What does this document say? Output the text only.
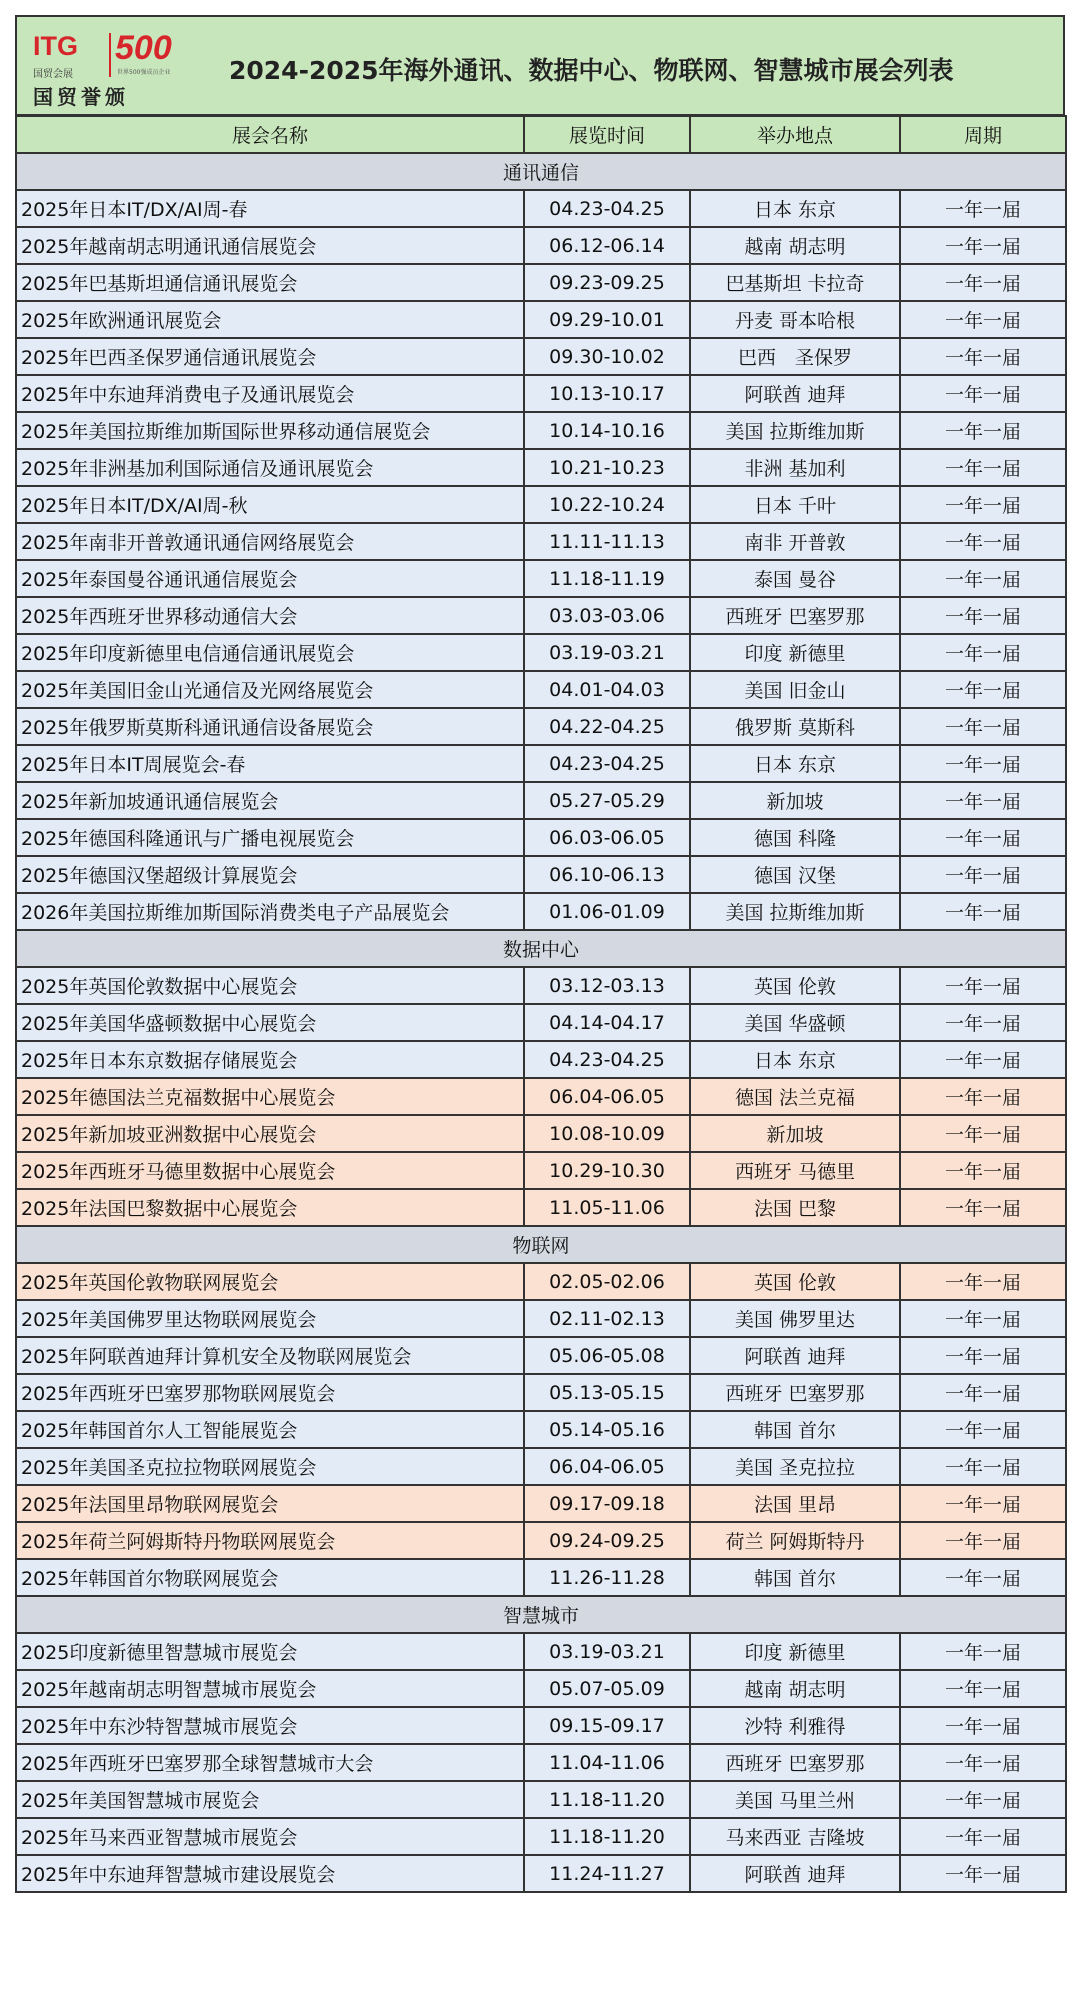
ITG
国贸会展
500
世界500强成员企业
国贸誉颁
2024-2025年海外通讯、数据中心、物联网、智慧城市展会列表
展会名称	展览时间	举办地点	周期
通讯通信			
2025年日本IT/DX/AI周-春	04.23-04.25	日本 东京	一年一届
2025年越南胡志明通讯通信展览会	06.12-06.14	越南 胡志明	一年一届
2025年巴基斯坦通信通讯展览会	09.23-09.25	巴基斯坦 卡拉奇	一年一届
2025年欧洲通讯展览会	09.29-10.01	丹麦 哥本哈根	一年一届
2025年巴西圣保罗通信通讯展览会	09.30-10.02	巴西　圣保罗	一年一届
2025年中东迪拜消费电子及通讯展览会	10.13-10.17	阿联酋 迪拜	一年一届
2025年美国拉斯维加斯国际世界移动通信展览会	10.14-10.16	美国 拉斯维加斯	一年一届
2025年非洲基加利国际通信及通讯展览会	10.21-10.23	非洲 基加利	一年一届
2025年日本IT/DX/AI周-秋	10.22-10.24	日本 千叶	一年一届
2025年南非开普敦通讯通信网络展览会	11.11-11.13	南非 开普敦	一年一届
2025年泰国曼谷通讯通信展览会	11.18-11.19	泰国 曼谷	一年一届
2025年西班牙世界移动通信大会	03.03-03.06	西班牙 巴塞罗那	一年一届
2025年印度新德里电信通信通讯展览会	03.19-03.21	印度 新德里	一年一届
2025年美国旧金山光通信及光网络展览会	04.01-04.03	美国 旧金山	一年一届
2025年俄罗斯莫斯科通讯通信设备展览会	04.22-04.25	俄罗斯 莫斯科	一年一届
2025年日本IT周展览会-春	04.23-04.25	日本 东京	一年一届
2025年新加坡通讯通信展览会	05.27-05.29	新加坡	一年一届
2025年德国科隆通讯与广播电视展览会	06.03-06.05	德国 科隆	一年一届
2025年德国汉堡超级计算展览会	06.10-06.13	德国 汉堡	一年一届
2026年美国拉斯维加斯国际消费类电子产品展览会	01.06-01.09	美国 拉斯维加斯	一年一届
数据中心			
2025年英国伦敦数据中心展览会	03.12-03.13	英国 伦敦	一年一届
2025年美国华盛顿数据中心展览会	04.14-04.17	美国 华盛顿	一年一届
2025年日本东京数据存储展览会	04.23-04.25	日本 东京	一年一届
2025年德国法兰克福数据中心展览会	06.04-06.05	德国 法兰克福	一年一届
2025年新加坡亚洲数据中心展览会	10.08-10.09	新加坡	一年一届
2025年西班牙马德里数据中心展览会	10.29-10.30	西班牙 马德里	一年一届
2025年法国巴黎数据中心展览会	11.05-11.06	法国 巴黎	一年一届
物联网			
2025年英国伦敦物联网展览会	02.05-02.06	英国 伦敦	一年一届
2025年美国佛罗里达物联网展览会	02.11-02.13	美国 佛罗里达	一年一届
2025年阿联酋迪拜计算机安全及物联网展览会	05.06-05.08	阿联酋 迪拜	一年一届
2025年西班牙巴塞罗那物联网展览会	05.13-05.15	西班牙 巴塞罗那	一年一届
2025年韩国首尔人工智能展览会	05.14-05.16	韩国 首尔	一年一届
2025年美国圣克拉拉物联网展览会	06.04-06.05	美国 圣克拉拉	一年一届
2025年法国里昂物联网展览会	09.17-09.18	法国 里昂	一年一届
2025年荷兰阿姆斯特丹物联网展览会	09.24-09.25	荷兰 阿姆斯特丹	一年一届
2025年韩国首尔物联网展览会	11.26-11.28	韩国 首尔	一年一届
智慧城市			
2025印度新德里智慧城市展览会	03.19-03.21	印度 新德里	一年一届
2025年越南胡志明智慧城市展览会	05.07-05.09	越南 胡志明	一年一届
2025年中东沙特智慧城市展览会	09.15-09.17	沙特 利雅得	一年一届
2025年西班牙巴塞罗那全球智慧城市大会	11.04-11.06	西班牙 巴塞罗那	一年一届
2025年美国智慧城市展览会	11.18-11.20	美国 马里兰州	一年一届
2025年马来西亚智慧城市展览会	11.18-11.20	马来西亚 吉隆坡	一年一届
2025年中东迪拜智慧城市建设展览会	11.24-11.27	阿联酋 迪拜	一年一届
